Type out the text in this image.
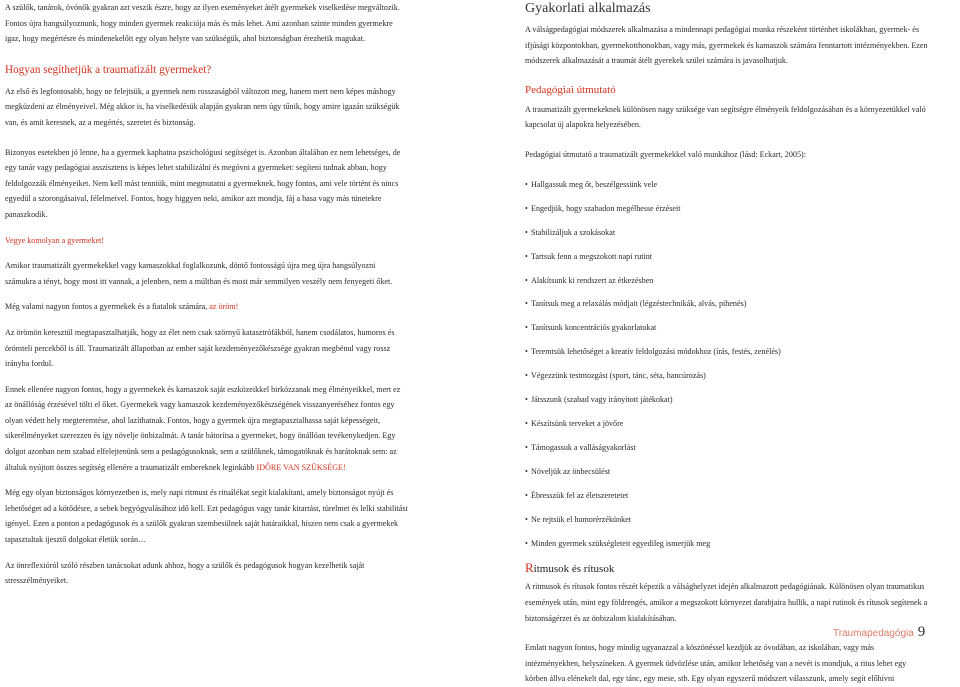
A szülők, tanárok, óvónők gyakran azt veszik észre, hogy az ilyen eseményeket átélt gyermekek viselkedése megváltozik. Fontos újra hangsúlyoznunk, hogy minden gyermek reakciója más és más lehet. Ami azonban szinte minden gyermekre igaz, hogy megértésre és mindenekelőtt egy olyan helyre van szükségük, ahol biztonságban érezhetik magukat.

Hogyan segíthetjük a traumatizált gyermeket?

Az első és legfontosabb, hogy ne felejtsük, a gyermek nem rosszaságból változott meg, hanem mert nem képes máshogy megküzdeni az élményeivel. Még akkor is, ha viselkedésük alapján gyakran nem úgy tűnik, hogy amire igazán szükségük van, és amit keresnek, az a megértés, szeretet és biztonság.

Bizonyos esetekben jó lenne, ha a gyermek kaphatna pszichológusi segítséget is. Azonban általában ez nem lehetséges, de egy tanár vagy pedagógiai asszisztens is képes lehet stabilizálni és megóvni a gyermeket: segíteni tudnak abban, hogy feldolgozzák élményeiket. Nem kell mást tenniük, mint megmutatni a gyermeknek, hogy fontos, ami vele történt és nincs egyedül a szorongásaival, félelmeivel. Fontos, hogy higgyen neki, amikor azt mondja, fáj a hasa vagy más tünetekre panaszkodik.

Vegye komolyan a gyermeket!

Amikor traumatizált gyermekekkel vagy kamaszokkal foglalkozunk, döntő fontosságú újra meg újra hangsúlyozni számukra a tényt, hogy most itt vannak, a jelenben, nem a múltban és most már semmilyen veszély nem fenyegeti őket.

Még valami nagyon fontos a gyermekek és a fiatalok számára, az öröm!

Az örömön keresztül megtapasztalhatják, hogy az élet nem csak szörnyű katasztrófákból, hanem csodálatos, humoros és örömteli percekből is áll. Traumatizált állapotban az ember saját kezdeményezőkészsége gyakran megbénul vagy rossz irányba fordul.

Ennek ellenére nagyon fontos, hogy a gyermekek és kamaszok saját eszközeikkel birkózzanak meg élményeikkel, mert ez az önállóság érzésével tölti el őket. Gyermekek vagy kamaszok kezdeményezőkészségének visszanyeréséhez fontos egy olyan védett hely megteremtése, ahol lazíthatnak. Fontos, hogy a gyermek újra megtapasztalhassa saját képességeit, sikerélményeket szerezzen és így növelje önbizalmát. A tanár bátorítsa a gyermeket, hogy önállóan tevékenykedjen. Egy dolgot azonban nem szabad elfelejtenünk sem a pedagógusoknak, sem a szülőknek, támogatóknak és barátoknak sem: az általuk nyújtott összes segítség ellenére a traumatizált embereknek leginkább IDŐRE VAN SZÜKSÉGE!

Még egy olyan biztonságos környezetben is, mely napi ritmust és rituálékat segít kialakítani, amely biztonságot nyújt és lehetőséget ad a kötődésre, a sebek begyógyulásához idő kell. Ezt pedagógus vagy tanár kitartást, türelmet és lelki stabilitást igényel. Ezen a ponton a pedagógusok és a szülők gyakran szembesülnek saját határaikkal, hiszen nem csak a gyermekek tapasztaltak ijesztő dolgokat életük során…

Az önreflexióról szóló részben tanácsokat adunk ahhoz, hogy a szülők és pedagógusok hogyan kezelhetik saját stresszélményeiket.

Gyakorlati alkalmazás

A válságpedagógiai módszerek alkalmazása a mindennapi pedagógiai munka részeként történhet iskolákban, gyermek- és ifjúsági központokban, gyermekotthonokban, vagy más, gyermekek és kamaszok számára fenntartott intézményekben. Ezen módszerek alkalmazását a traumát átélt gyerekek szülei számára is javasolhatjuk.

Pedagógiai útmutató

A traumatizált gyermekeknek különösen nagy szüksége van segítségre élményeik feldolgozásában és a környezetükkel való kapcsolat új alapokra helyezésében.

Pedagógiai útmutató a traumatizált gyermekekkel való munkához (lásd: Eckart, 2005):

• Hallgassuk meg őt, beszélgessünk vele
• Engedjük, hogy szabadon megélhesse érzéseit
• Stabilizáljuk a szokásokat
• Tartsuk fenn a megszokott napi rutint
• Alakítsunk ki rendszert az étkezésben
• Tanítsuk meg a relaxálás módjait (légzéstechnikák, alvás, pihenés)
• Tanítsunk koncentrációs gyakorlatokat
• Teremtsük lehetőséget a kreatív feldolgozási módokhoz (írás, festés, zenélés)
• Végezzünk testmozgást (sport, tánc, séta, hancúrozás)
• Játsszunk (szabad vagy irányított játékokat)
• Készítsünk terveket a jövőre
• Támogassuk a valláságyakorlást
• Növeljük az önbecsülést
• Ébresszük fel az életszeretetet
• Ne rejtsük el humorérzékünket
• Minden gyermek szükségleteit egyedileg ismerjük meg
Ritmusok és rítusok

A ritmusok és rítusok fontos részét képezik a válsághelyzet idején alkalmazott pedagógiának. Különösen olyan traumatikus események után, mint egy földrengés, amikor a megszokott környezet darabjaira hullik, a napi rutinok és rítusok segítenek a biztonságérzet és az önbizalom kialakításában.

Emlatt nagyon fontos, hogy mindig ugyanazzal a köszönéssel kezdjük az óvodában, az iskolában, vagy más intézményekben, helyszíneken. A gyermek üdvözlése után, amikor lehetőség van a nevét is mondjuk, a ritus lehet egy körben állva elénekelt dal, egy tánc, egy mese, stb. Egy olyan egyszerű módszert válasszunk, amely segít előhívni

Traumapedagógia 9
